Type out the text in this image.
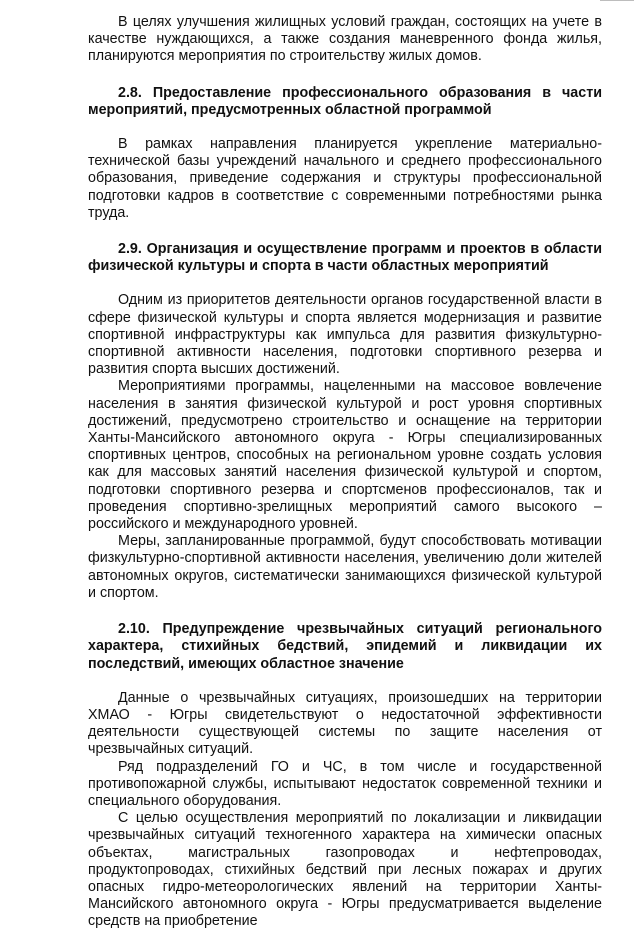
В целях улучшения жилищных условий граждан, состоящих на учете в качестве нуждающихся, а также создания маневренного фонда жилья, планируются мероприятия по строительству жилых домов.

2.8. Предоставление профессионального образования в части мероприятий, предусмотренных областной программой

В рамках направления планируется укрепление материально-технической базы учреждений начального и среднего профессионального образования, приведение содержания и структуры профессиональной подготовки кадров в соответствие с современными потребностями рынка труда.

2.9. Организация и осуществление программ и проектов в области физической культуры и спорта в части областных мероприятий

Одним из приоритетов деятельности органов государственной власти в сфере физической культуры и спорта является модернизация и развитие спортивной инфраструктуры как импульса для развития физкультурно-спортивной активности населения, подготовки спортивного резерва и развития спорта высших достижений.

Мероприятиями программы, нацеленными на массовое вовлечение населения в занятия физической культурой и рост уровня спортивных достижений, предусмотрено строительство и оснащение на территории Ханты-Мансийского автономного округа - Югры специализированных спортивных центров, способных на региональном уровне создать условия как для массовых занятий населения физической культурой и спортом, подготовки спортивного резерва и спортсменов профессионалов, так и проведения спортивно-зрелищных мероприятий самого высокого – российского и международного уровней.

Меры, запланированные программой, будут способствовать мотивации физкультурно-спортивной активности населения, увеличению доли жителей автономных округов, систематически занимающихся физической культурой и спортом.

2.10. Предупреждение чрезвычайных ситуаций регионального характера, стихийных бедствий, эпидемий и ликвидации их последствий, имеющих областное значение

Данные о чрезвычайных ситуациях, произошедших на территории ХМАО - Югры свидетельствуют о недостаточной эффективности деятельности существующей системы по защите населения от чрезвычайных ситуаций.

Ряд подразделений ГО и ЧС, в том числе и государственной противопожарной службы, испытывают недостаток современной техники и специального оборудования.

С целью осуществления мероприятий по локализации и ликвидации чрезвычайных ситуаций техногенного характера на химически опасных объектах, магистральных газопроводах и нефтепроводах, продуктопроводах, стихийных бедствий при лесных пожарах и других опасных гидро-метеорологических явлений на территории Ханты-Мансийского автономного округа - Югры предусматривается выделение средств на приобретение
